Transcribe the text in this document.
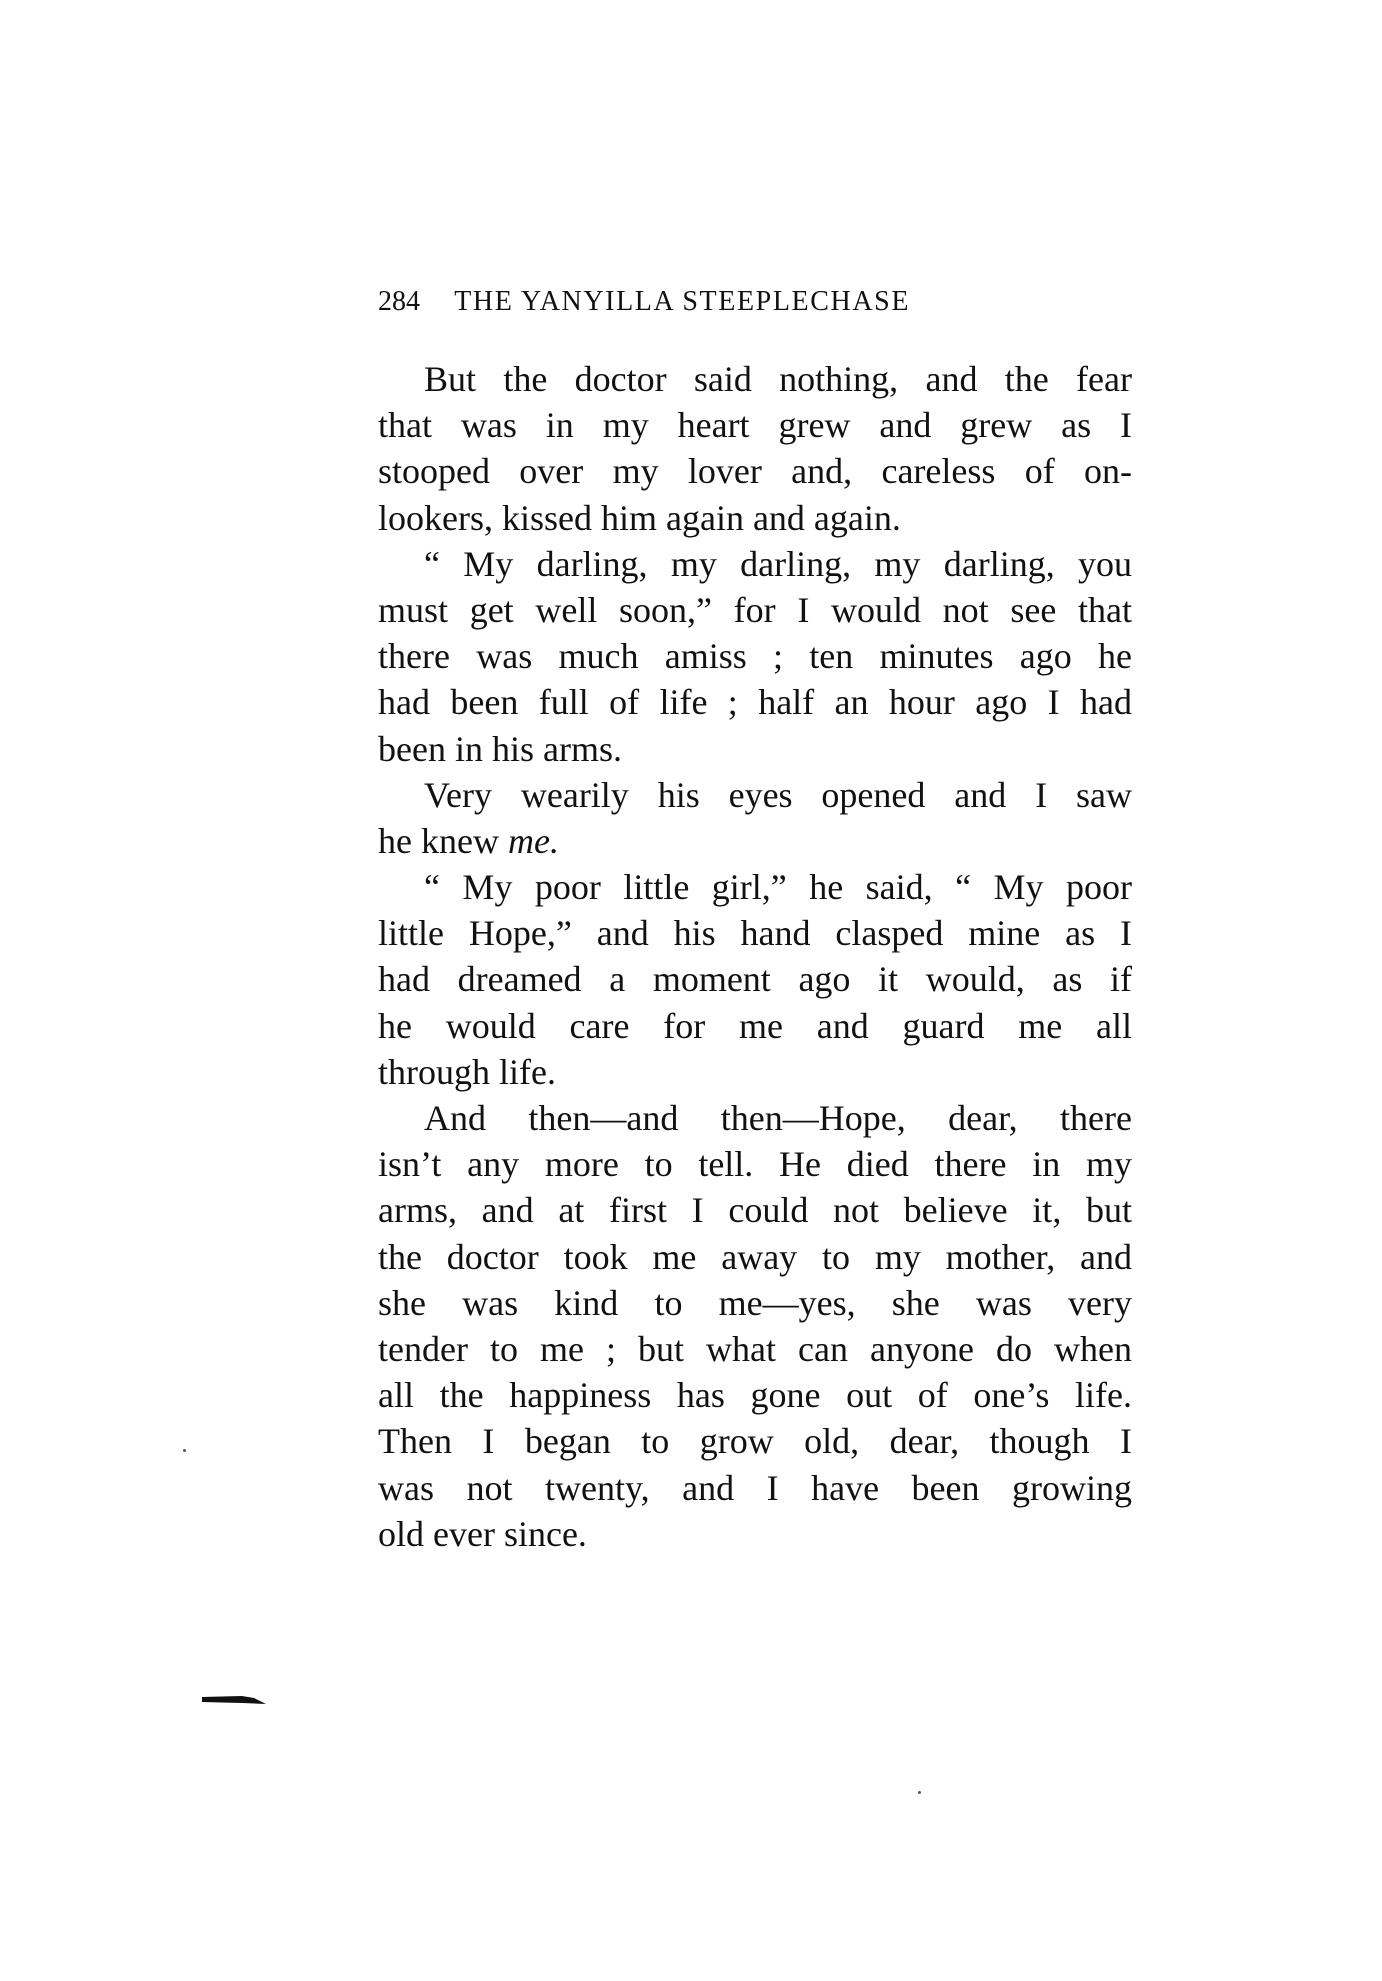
284 THE YANYILLA STEEPLECHASE
But the doctor said nothing, and the fear
that was in my heart grew and grew as I
stooped over my lover and, careless of on-
lookers, kissed him again and again.
“ My darling, my darling, my darling, you
must get well soon,” for I would not see that
there was much amiss ; ten minutes ago he
had been full of life ; half an hour ago I had
been in his arms.
Very wearily his eyes opened and I saw
he knew me.
“ My poor little girl,” he said, “ My poor
little Hope,” and his hand clasped mine as I
had dreamed a moment ago it would, as if
he would care for me and guard me all
through life.
And then—and then—Hope, dear, there
isn’t any more to tell. He died there in my
arms, and at first I could not believe it, but
the doctor took me away to my mother, and
she was kind to me—yes, she was very
tender to me ; but what can anyone do when
all the happiness has gone out of one’s life.
Then I began to grow old, dear, though I
was not twenty, and I have been growing
old ever since.
